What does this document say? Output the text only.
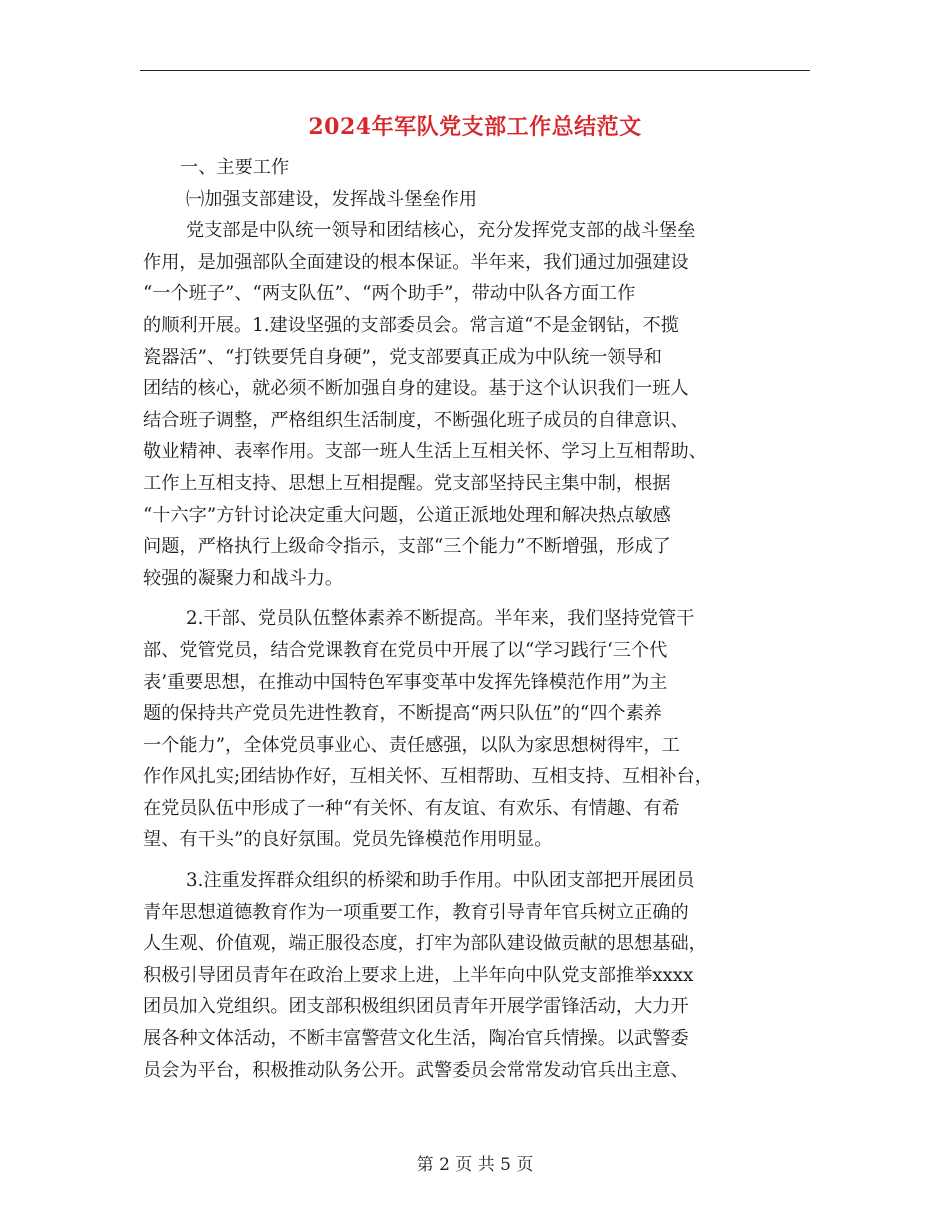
2024年军队党支部工作总结范文
一、主要工作
㈠加强支部建设，发挥战斗堡垒作用
党支部是中队统一领导和团结核心，充分发挥党支部的战斗堡垒
作用，是加强部队全面建设的根本保证。半年来，我们通过加强建设
“一个班子”、“两支队伍”、“两个助手”，带动中队各方面工作
的顺利开展。1.建设坚强的支部委员会。常言道“不是金钢钻，不揽
瓷器活”、“打铁要凭自身硬”，党支部要真正成为中队统一领导和
团结的核心，就必须不断加强自身的建设。基于这个认识我们一班人
结合班子调整，严格组织生活制度，不断强化班子成员的自律意识、
敬业精神、表率作用。支部一班人生活上互相关怀、学习上互相帮助、
工作上互相支持、思想上互相提醒。党支部坚持民主集中制，根据
“十六字”方针讨论决定重大问题，公道正派地处理和解决热点敏感
问题，严格执行上级命令指示，支部“三个能力”不断增强，形成了
较强的凝聚力和战斗力。
2.干部、党员队伍整体素养不断提高。半年来，我们坚持党管干
部、党管党员，结合党课教育在党员中开展了以“学习践行‘三个代
表’重要思想，在推动中国特色军事变革中发挥先锋模范作用”为主
题的保持共产党员先进性教育，不断提高“两只队伍”的“四个素养
一个能力”，全体党员事业心、责任感强，以队为家思想树得牢，工
作作风扎实;团结协作好，互相关怀、互相帮助、互相支持、互相补台，
在党员队伍中形成了一种“有关怀、有友谊、有欢乐、有情趣、有希
望、有干头”的良好氛围。党员先锋模范作用明显。
3.注重发挥群众组织的桥梁和助手作用。中队团支部把开展团员
青年思想道德教育作为一项重要工作，教育引导青年官兵树立正确的
人生观、价值观，端正服役态度，打牢为部队建设做贡献的思想基础，
积极引导团员青年在政治上要求上进，上半年向中队党支部推举xxxx
团员加入党组织。团支部积极组织团员青年开展学雷锋活动，大力开
展各种文体活动，不断丰富警营文化生活，陶冶官兵情操。以武警委
员会为平台，积极推动队务公开。武警委员会常常发动官兵出主意、
第 2 页 共 5 页
